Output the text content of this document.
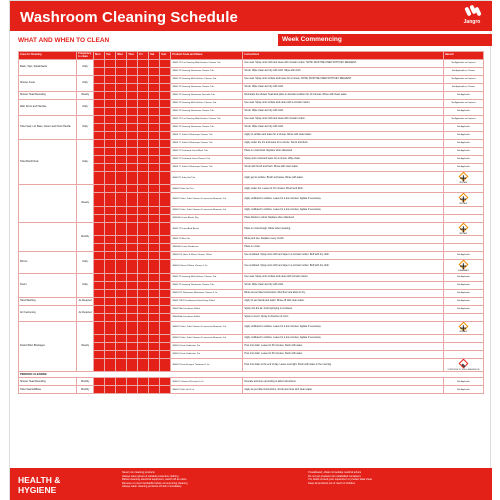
Washroom Cleaning Schedule	Jangro
WHAT AND WHEN TO CLEAN	Week Commencing
Area for Cleaning	Frequency to clean	Mon	Tue	Wed	Thur	Fri	Sat	Sun	Product Code and Name	Instructions	Hazard
Basin, Taps, Splashbacks	Daily								JB001T2 Pre-Cleaning Multi-Surface Cleaner Tub	Use neat. Spray onto cloth and clean with circular motion. NOTE: MUST BE USED WITH KEY REAGENT.	Not Applicable on Disposal
									JB001T2 Foaming Washroom Cleaner Tub	Scrub. Wipe clean and dry with cloth. Wipe with cloth.	Not Applicable as Cleaner
Shower Areas	Daily								JB001T2 Foaming Multi-Surface Cleaner Tub	Use neat. Spray onto surface and leave for a minute. NOTE: MUST BE USED WITH KEY REAGENT.	Not Applicable on Disposal
									JB001T2 Foaming Washroom Cleaner Tub	Scrub. Wipe clean and dry with cloth.	Not Applicable as Cleaner
Shower Head Descaling	Weekly								JB001T2 Foaming Washroom Descaler Tub	Dismantle the shower head and place in descaler solution for 10 minutes. Rinse with clean water.	Not Applicable
Wall, Doors and Handles	Daily								JB001T2 Foaming Multi-Surface Cleaner Tub	Use neat. Spray onto surface and clean with a circular motion.	Not Applicable on Disposal
									JB001T2 Foaming Washroom Cleaner Tub	Scrub. Wipe clean and dry with cloth.	Not Applicable
Toilet Seat, Lid, Base, Cistern and Flush Handle	Daily								JB001T2 Pre-Cleaning Multi-Surface Cleaner Tub	Use neat. Spray onto cloth and clean with circular motion.	Not Applicable on Disposal
									JB001T2 Foaming Washroom Cleaner Tub	Scrub. Wipe clean and dry with cloth.	Not Applicable
									JB001T1 Toilet & Washroom Cleaner Tub	Apply to surface and leave for a minute. Rinse with clean water.	Not Applicable
Toilet Bowl/Urinal	Daily								JB001T1 Toilet & Washroom Cleaner Tub	Apply under the rim and leave for a minute. Scrub and flush.	Not Applicable
									JB001T1 Perfumed Urinal Block Tub	Place in urinal bowl. Replace when dissolved.	Not Applicable
									JB001T1 Perfumed Urinal Cleaner Tub	Spray onto urinal and leave for a minute. Wipe clean.	Not Applicable
									JB001T1 Toilet & Washroom Cleaner Tub	Scrub with brush and flush. Rinse with clean water.	Not Applicable
									JB000T1 Toilet Gel Tub	Apply gel to surface. Brush and leave. Rinse with water.	IRRITANT

	Weekly								JB0001 Toilet Gel 1Ltr	Apply under rim. Leave for 10 minutes. Brush and flush.	
									JB0001 Toilet, Toilet Cleaner & Limescale Remover 1Ltr	Apply undiluted to surface. Leave for a few minutes. Agitate if necessary.	IRRITANT

									JB0001 Toilet, Toilet Cleaner & Limescale Remover 1Ltr	Apply undiluted to surface. Leave for a few minutes. Agitate if necessary.	
									JB00000 Urinal Blocks 3kg	Place blocks in urinal. Replace when dissolved.	
	Monthly								JB001T1 Urinal Acid Blocks	Place in urinal trough. Dilute when cleaning.	IRRITANT

									JB001T1 Blue 5ltr	Dilute and use. Replace every month.	
									JB00000 Urinal Deodoriser	Place in urinal.	
Mirrors	Daily								JB006770 Glass & Mirror Cleaner 750ml	Use undiluted. Spray onto cloth and wipe in a circular motion. Buff with dry cloth.	Not Applicable
									JB0001 Glass & Mirror Cleaner 5 Ltr	Use undiluted. Spray onto cloth and wipe in a circular motion. Buff with dry cloth.	FLAMMABLE

Floors	Daily								JB001T2 Foaming Multi-Surface Cleaner Tub	Use neat. Spray onto surface and clean with circular motion.	Not Applicable
									JB001T2 Foaming Washroom Cleaner Tub	Scrub. Wipe clean and dry with cloth.	Not Applicable
									JB0001T2 Washroom Maintainer Cleaner 5 Ltr	Dilute as per label instructions. Mop floor and allow to dry.	Not Applicable
Hand Washing	As Required								JB001T1EX Freshbreeze Hand Soap 500ml	Apply to wet hands and wash. Rinse off with clean water.	Not Applicable
Air Freshening	As Required								JB0001 Air Freshener 300ml	Spray into the air. Avoid spraying on surfaces.	Not Applicable
									JB0006 Air Freshener 400ml	Spray to scent. Spray in direction of room.	
Drains/Toilet Blockages	Weekly								JB0001 Toilet, Toilet Cleaner & Limescale Remover 1Ltr	Apply undiluted to surface. Leave for a few minutes. Agitate if necessary.	IRRITANT

									JB0001 Toilet, Toilet Cleaner & Limescale Remover 1Ltr	Apply undiluted to surface. Leave for a few minutes. Agitate if necessary.	
									JB0001 Drain Unblocker 1Ltr	Pour into drain. Leave for 30 minutes. Flush with water.	
									JB0001 Drain Unblocker 1Ltr	Pour into drain. Leave for 30 minutes. Flush with water.	
									JB0001 Drain Enzyme Treatment 5 Ltr	Pour into drain at the end of day. Leave overnight. Flush with water in the morning.	CORROSIVE TO SKIN & DANGEROUS

PERIODIC CLEANING											
Shower Head Descaling	Monthly								JB0001 Chemical Descaler 5 Ltr	Descale and rinse according to label instructions.	Not Applicable
Toilet Seat/Lid/Base	Monthly								JB0001 Toilet Gel 5 Ltr	Apply as per label instructions. Scrub and rinse with clean water.	Not Applicable
HEALTH &
HYGIENE
Never mix cleaning products
Always wear gloves & suitable protective clothing
Before cleaning electrical equipment, switch off at mains
Remove or cover foodstuffs before commencing cleaning
Always wash cleaning products off skin immediately
If swallowed, obtain immediate medical advice
Do not put products into unlabelled containers
If in doubt consult your supervisor or product data sheet
Keep all products out of reach of children
